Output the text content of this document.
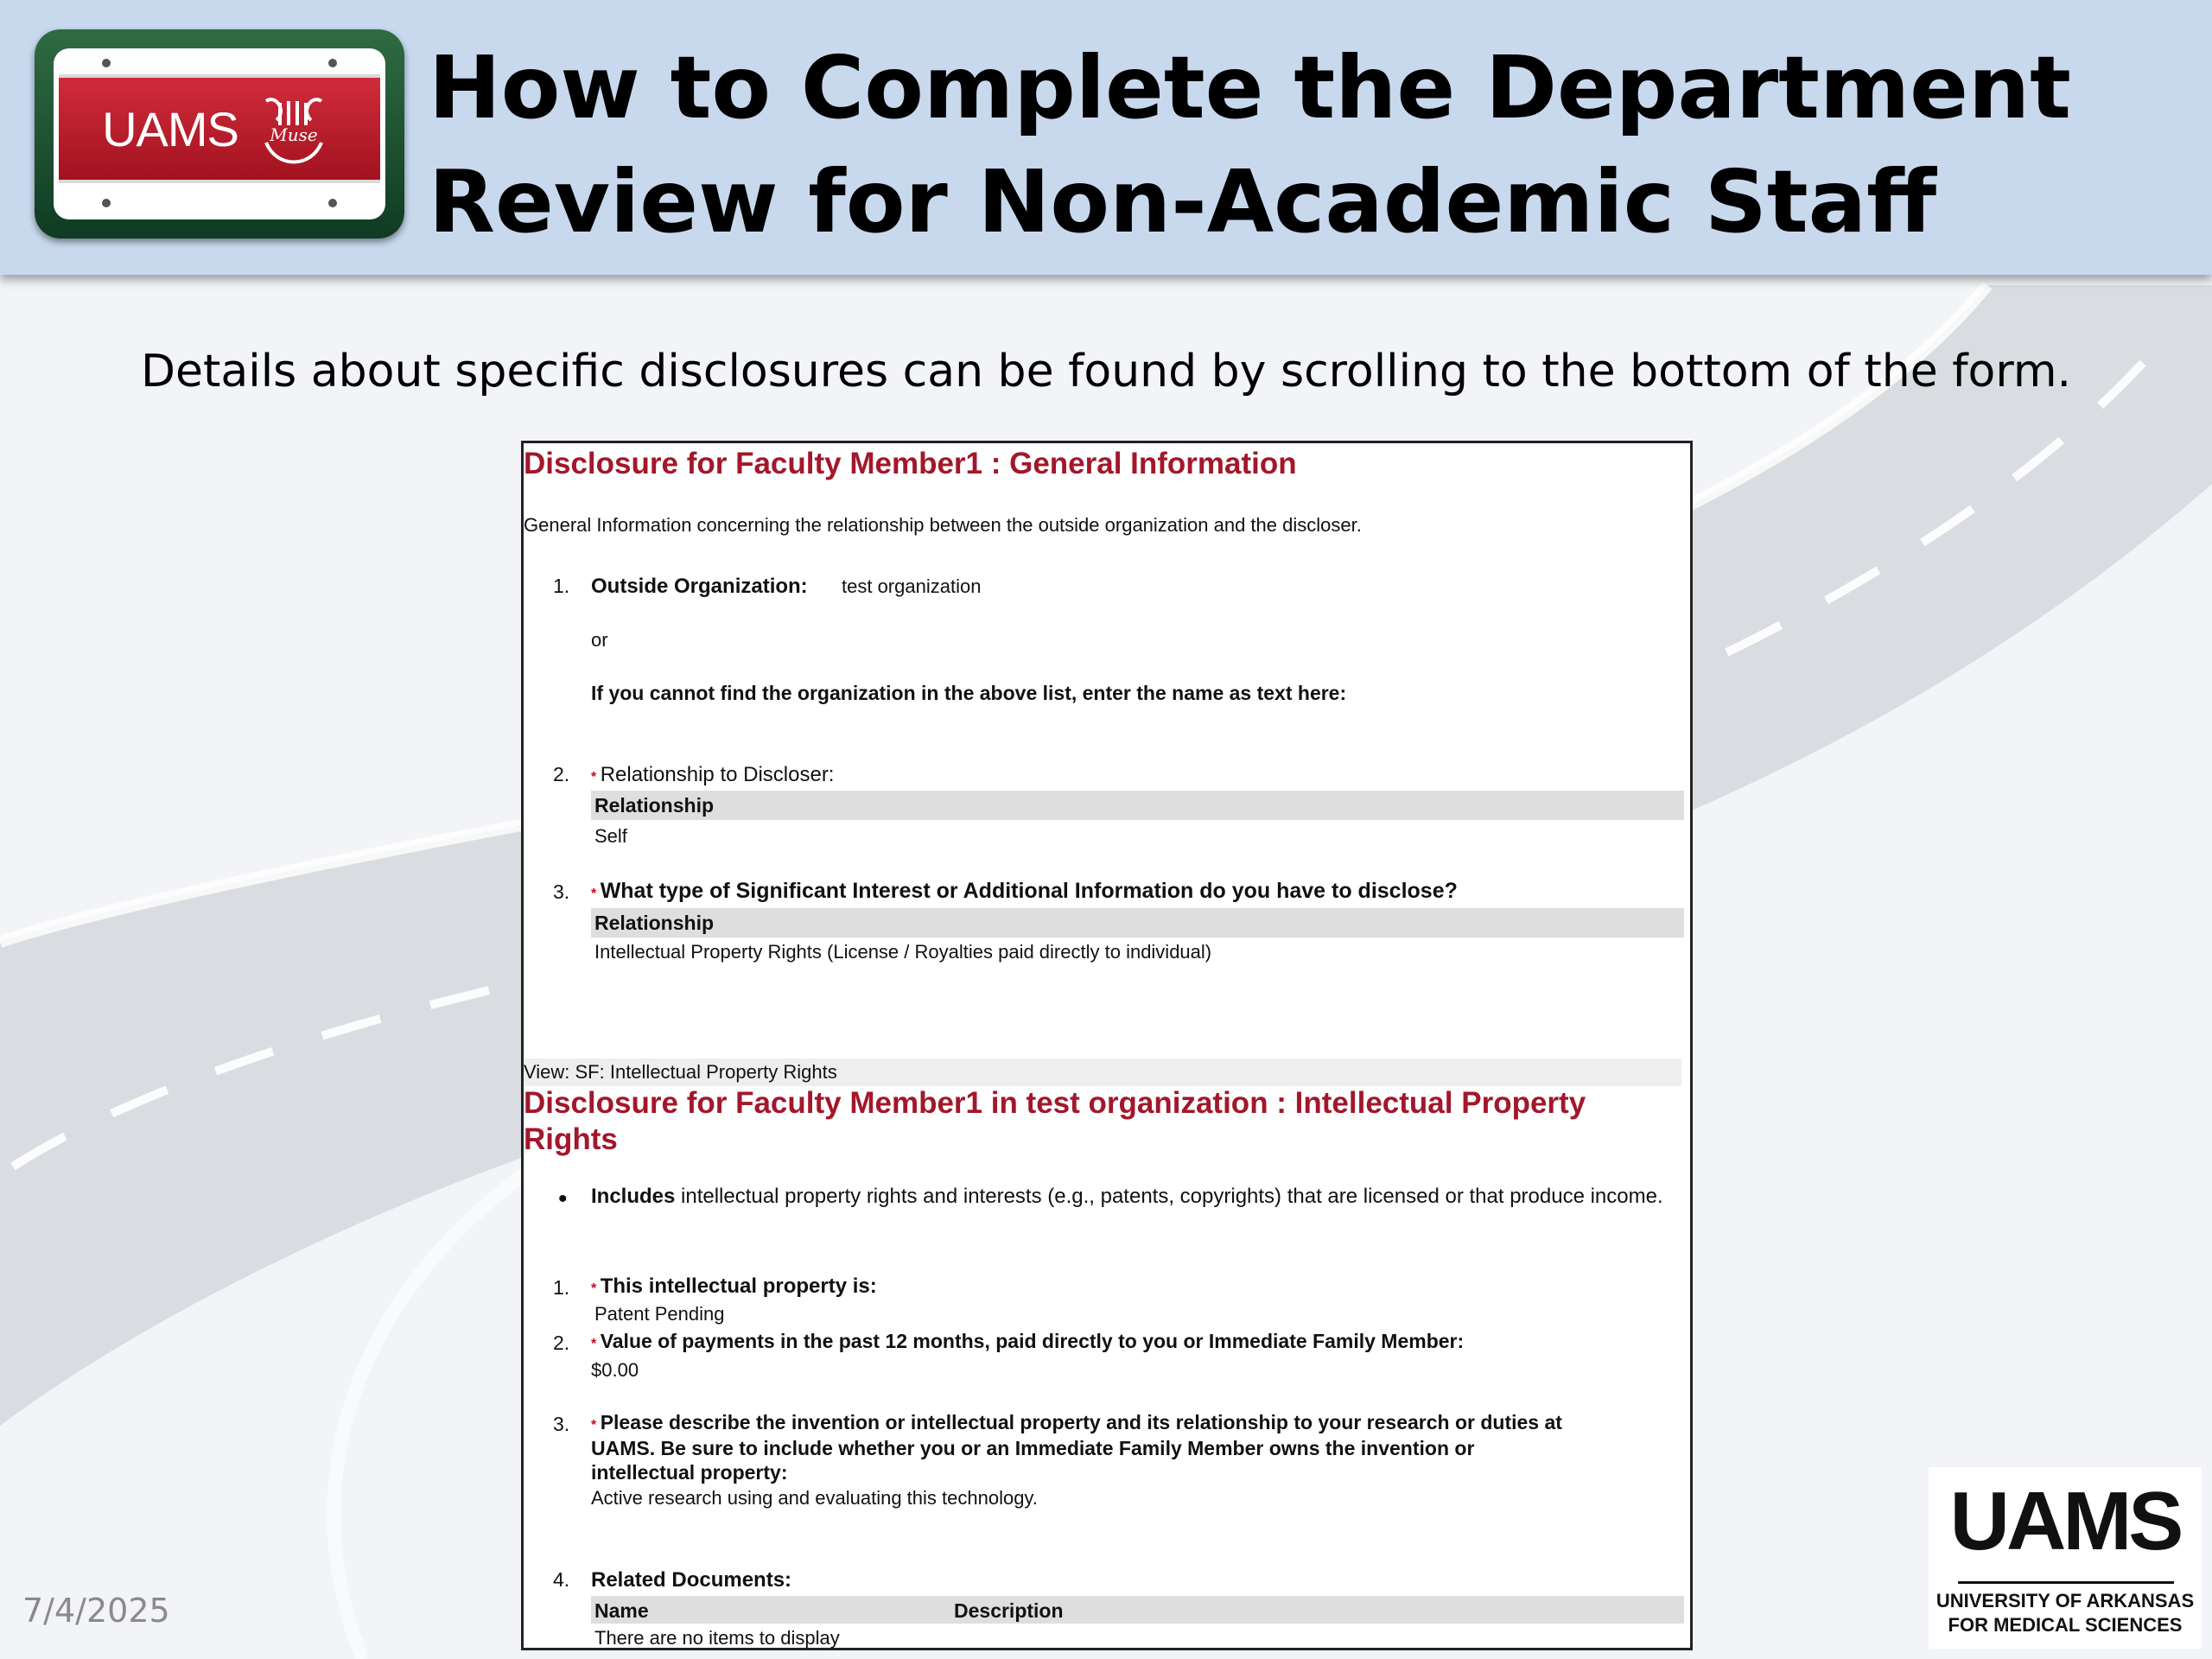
UAMS Muse How to Complete the Department
Review for Non-Academic Staff

Details about specific disclosures can be found by scrolling to the bottom of the form.

Disclosure for Faculty Member1 : General Information
General Information concerning the relationship between the outside organization and the discloser.
1. Outside Organization: test organization
or
If you cannot find the organization in the above list, enter the name as text here:
2. * Relationship to Discloser:
Relationship
Self
3. * What type of Significant Interest or Additional Information do you have to disclose?
Relationship
Intellectual Property Rights (License / Royalties paid directly to individual)
View: SF: Intellectual Property Rights
Disclosure for Faculty Member1 in test organization : Intellectual Property
Rights
• Includes intellectual property rights and interests (e.g., patents, copyrights) that are licensed or that produce income.
1. * This intellectual property is:
Patent Pending
2. * Value of payments in the past 12 months, paid directly to you or Immediate Family Member:
$0.00
3. * Please describe the invention or intellectual property and its relationship to your research or duties at
UAMS. Be sure to include whether you or an Immediate Family Member owns the invention or
intellectual property:
Active research using and evaluating this technology.
4. Related Documents:
Name	Description
There are no items to display
7/4/2025
UAMS
UNIVERSITY OF ARKANSAS
FOR MEDICAL SCIENCES
